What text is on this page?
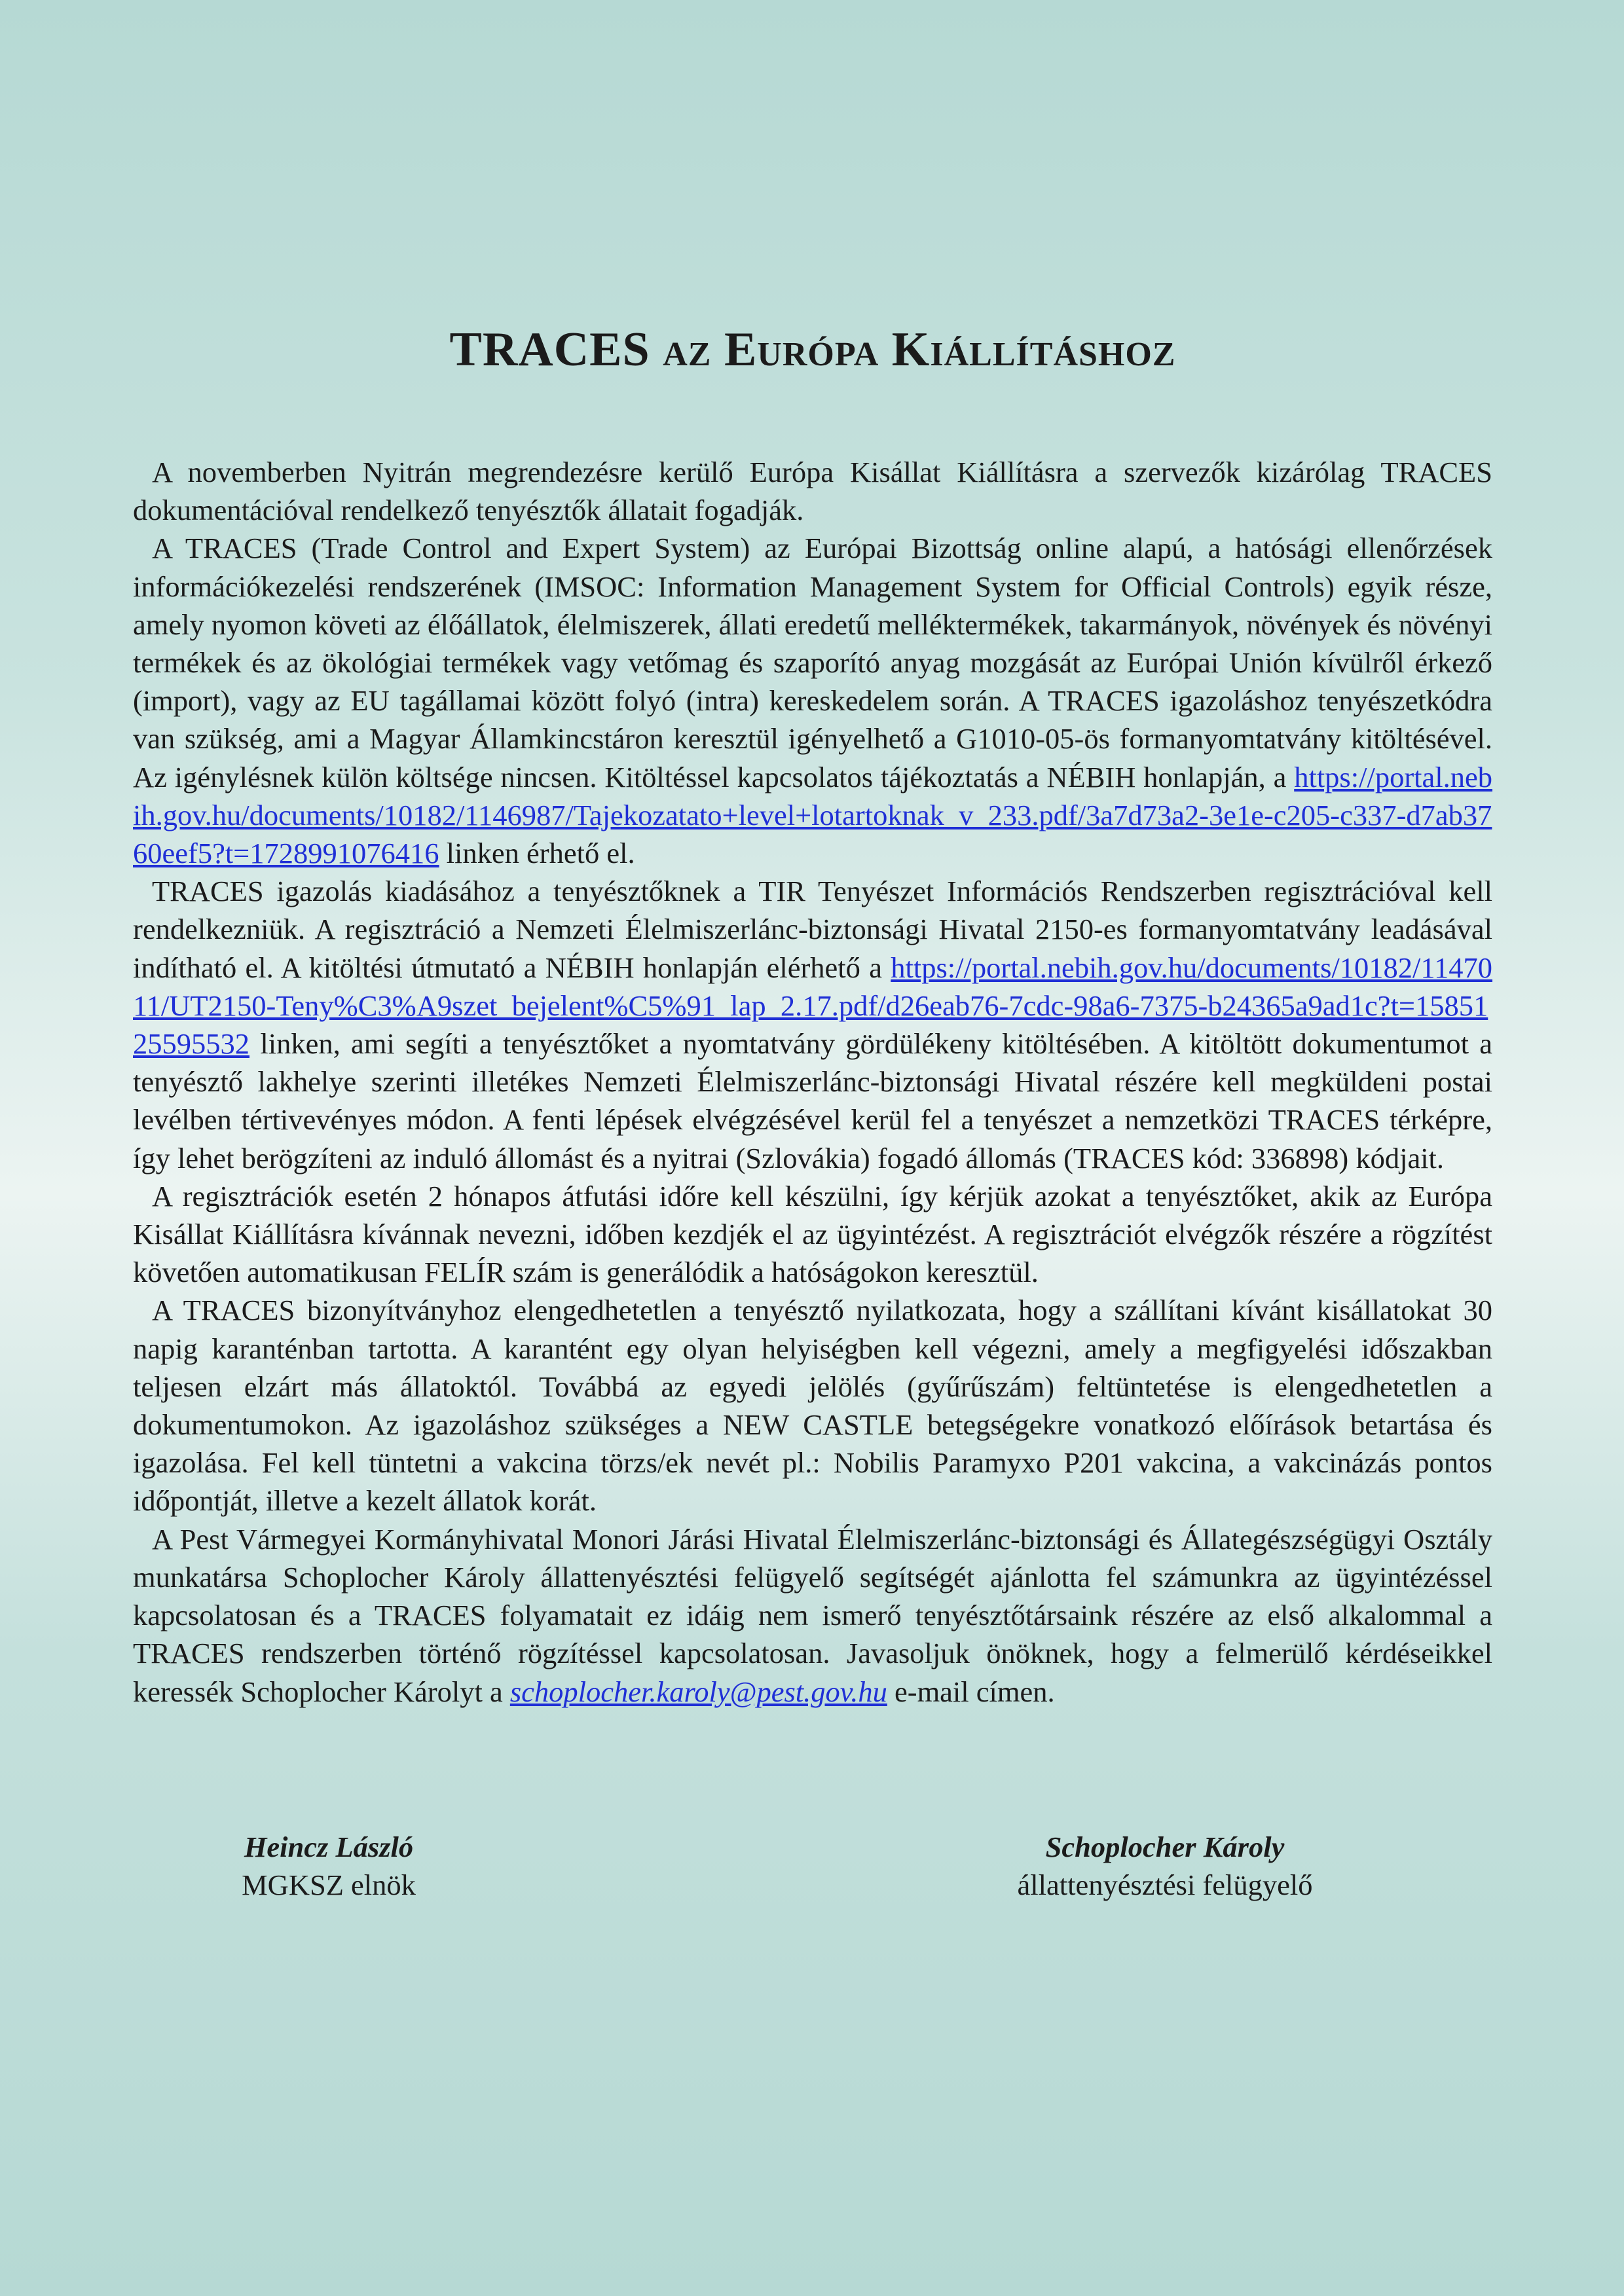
TRACES az Európa Kiállításhoz

A novemberben Nyitrán megrendezésre kerülő Európa Kisállat Kiállításra a szervezők kizárólag TRACES dokumentációval rendelkező tenyésztők állatait fogadják.

A TRACES (Trade Control and Expert System) az Európai Bizottság online alapú, a hatósági ellenőrzések információkezelési rendszerének (IMSOC: Information Management System for Official Controls) egyik része, amely nyomon követi az élőállatok, élelmiszerek, állati eredetű melléktermékek, takarmányok, növények és növényi termékek és az ökológiai termékek vagy vetőmag és szaporító anyag mozgását az Európai Unión kívülről érkező (import), vagy az EU tagállamai között folyó (intra) kereskedelem során. A TRACES igazoláshoz tenyészetkódra van szükség, ami a Magyar Államkincstáron keresztül igényelhető a G1010-05-ös formanyomtatvány kitöltésével. Az igénylésnek külön költsége nincsen. Kitöltéssel kapcsolatos tájékoztatás a NÉBIH honlapján, a https://portal.nebih.gov.hu/documents/10182/1146987/Tajekozatato+level+lotartoknak_v_233.pdf/3a7d73a2-3e1e-c205-c337-d7ab3760eef5?t=1728991076416 linken érhető el.

TRACES igazolás kiadásához a tenyésztőknek a TIR Tenyészet Információs Rendszerben regisztrációval kell rendelkezniük. A regisztráció a Nemzeti Élelmiszerlánc-biztonsági Hivatal 2150-es formanyomtatvány leadásával indítható el. A kitöltési útmutató a NÉBIH honlapján elérhető a https://portal.nebih.gov.hu/documents/10182/1147011/UT2150-Teny%C3%A9szet_bejelent%C5%91_lap_2.17.pdf/d26eab76-7cdc-98a6-7375-b24365a9ad1c?t=1585125595532 linken, ami segíti a tenyésztőket a nyomtatvány gördülékeny kitöltésében. A kitöltött dokumentumot a tenyésztő lakhelye szerinti illetékes Nemzeti Élelmiszerlánc-biztonsági Hivatal részére kell megküldeni postai levélben tértivevényes módon. A fenti lépések elvégzésével kerül fel a tenyészet a nemzetközi TRACES térképre, így lehet berögzíteni az induló állomást és a nyitrai (Szlovákia) fogadó állomás (TRACES kód: 336898) kódjait.

A regisztrációk esetén 2 hónapos átfutási időre kell készülni, így kérjük azokat a tenyésztőket, akik az Európa Kisállat Kiállításra kívánnak nevezni, időben kezdjék el az ügyintézést. A regisztrációt elvégzők részére a rögzítést követően automatikusan FELÍR szám is generálódik a hatóságokon keresztül.

A TRACES bizonyítványhoz elengedhetetlen a tenyésztő nyilatkozata, hogy a szállítani kívánt kisállatokat 30 napig karanténban tartotta. A karantént egy olyan helyiségben kell végezni, amely a megfigyelési időszakban teljesen elzárt más állatoktól. Továbbá az egyedi jelölés (gyűrűszám) feltüntetése is elengedhetetlen a dokumentumokon. Az igazoláshoz szükséges a NEW CASTLE betegségekre vonatkozó előírások betartása és igazolása. Fel kell tüntetni a vakcina törzs/ek nevét pl.: Nobilis Paramyxo P201 vakcina, a vakcinázás pontos időpontját, illetve a kezelt állatok korát.

A Pest Vármegyei Kormányhivatal Monori Járási Hivatal Élelmiszerlánc-biztonsági és Állategészségügyi Osztály munkatársa Schoplocher Károly állattenyésztési felügyelő segítségét ajánlotta fel számunkra az ügyintézéssel kapcsolatosan és a TRACES folyamatait ez idáig nem ismerő tenyésztőtársaink részére az első alkalommal a TRACES rendszerben történő rögzítéssel kapcsolatosan. Javasoljuk önöknek, hogy a felmerülő kérdéseikkel keressék Schoplocher Károlyt a schoplocher.karoly@pest.gov.hu e-mail címen.

Heincz László
MGKSZ elnök
Schoplocher Károly
állattenyésztési felügyelő
